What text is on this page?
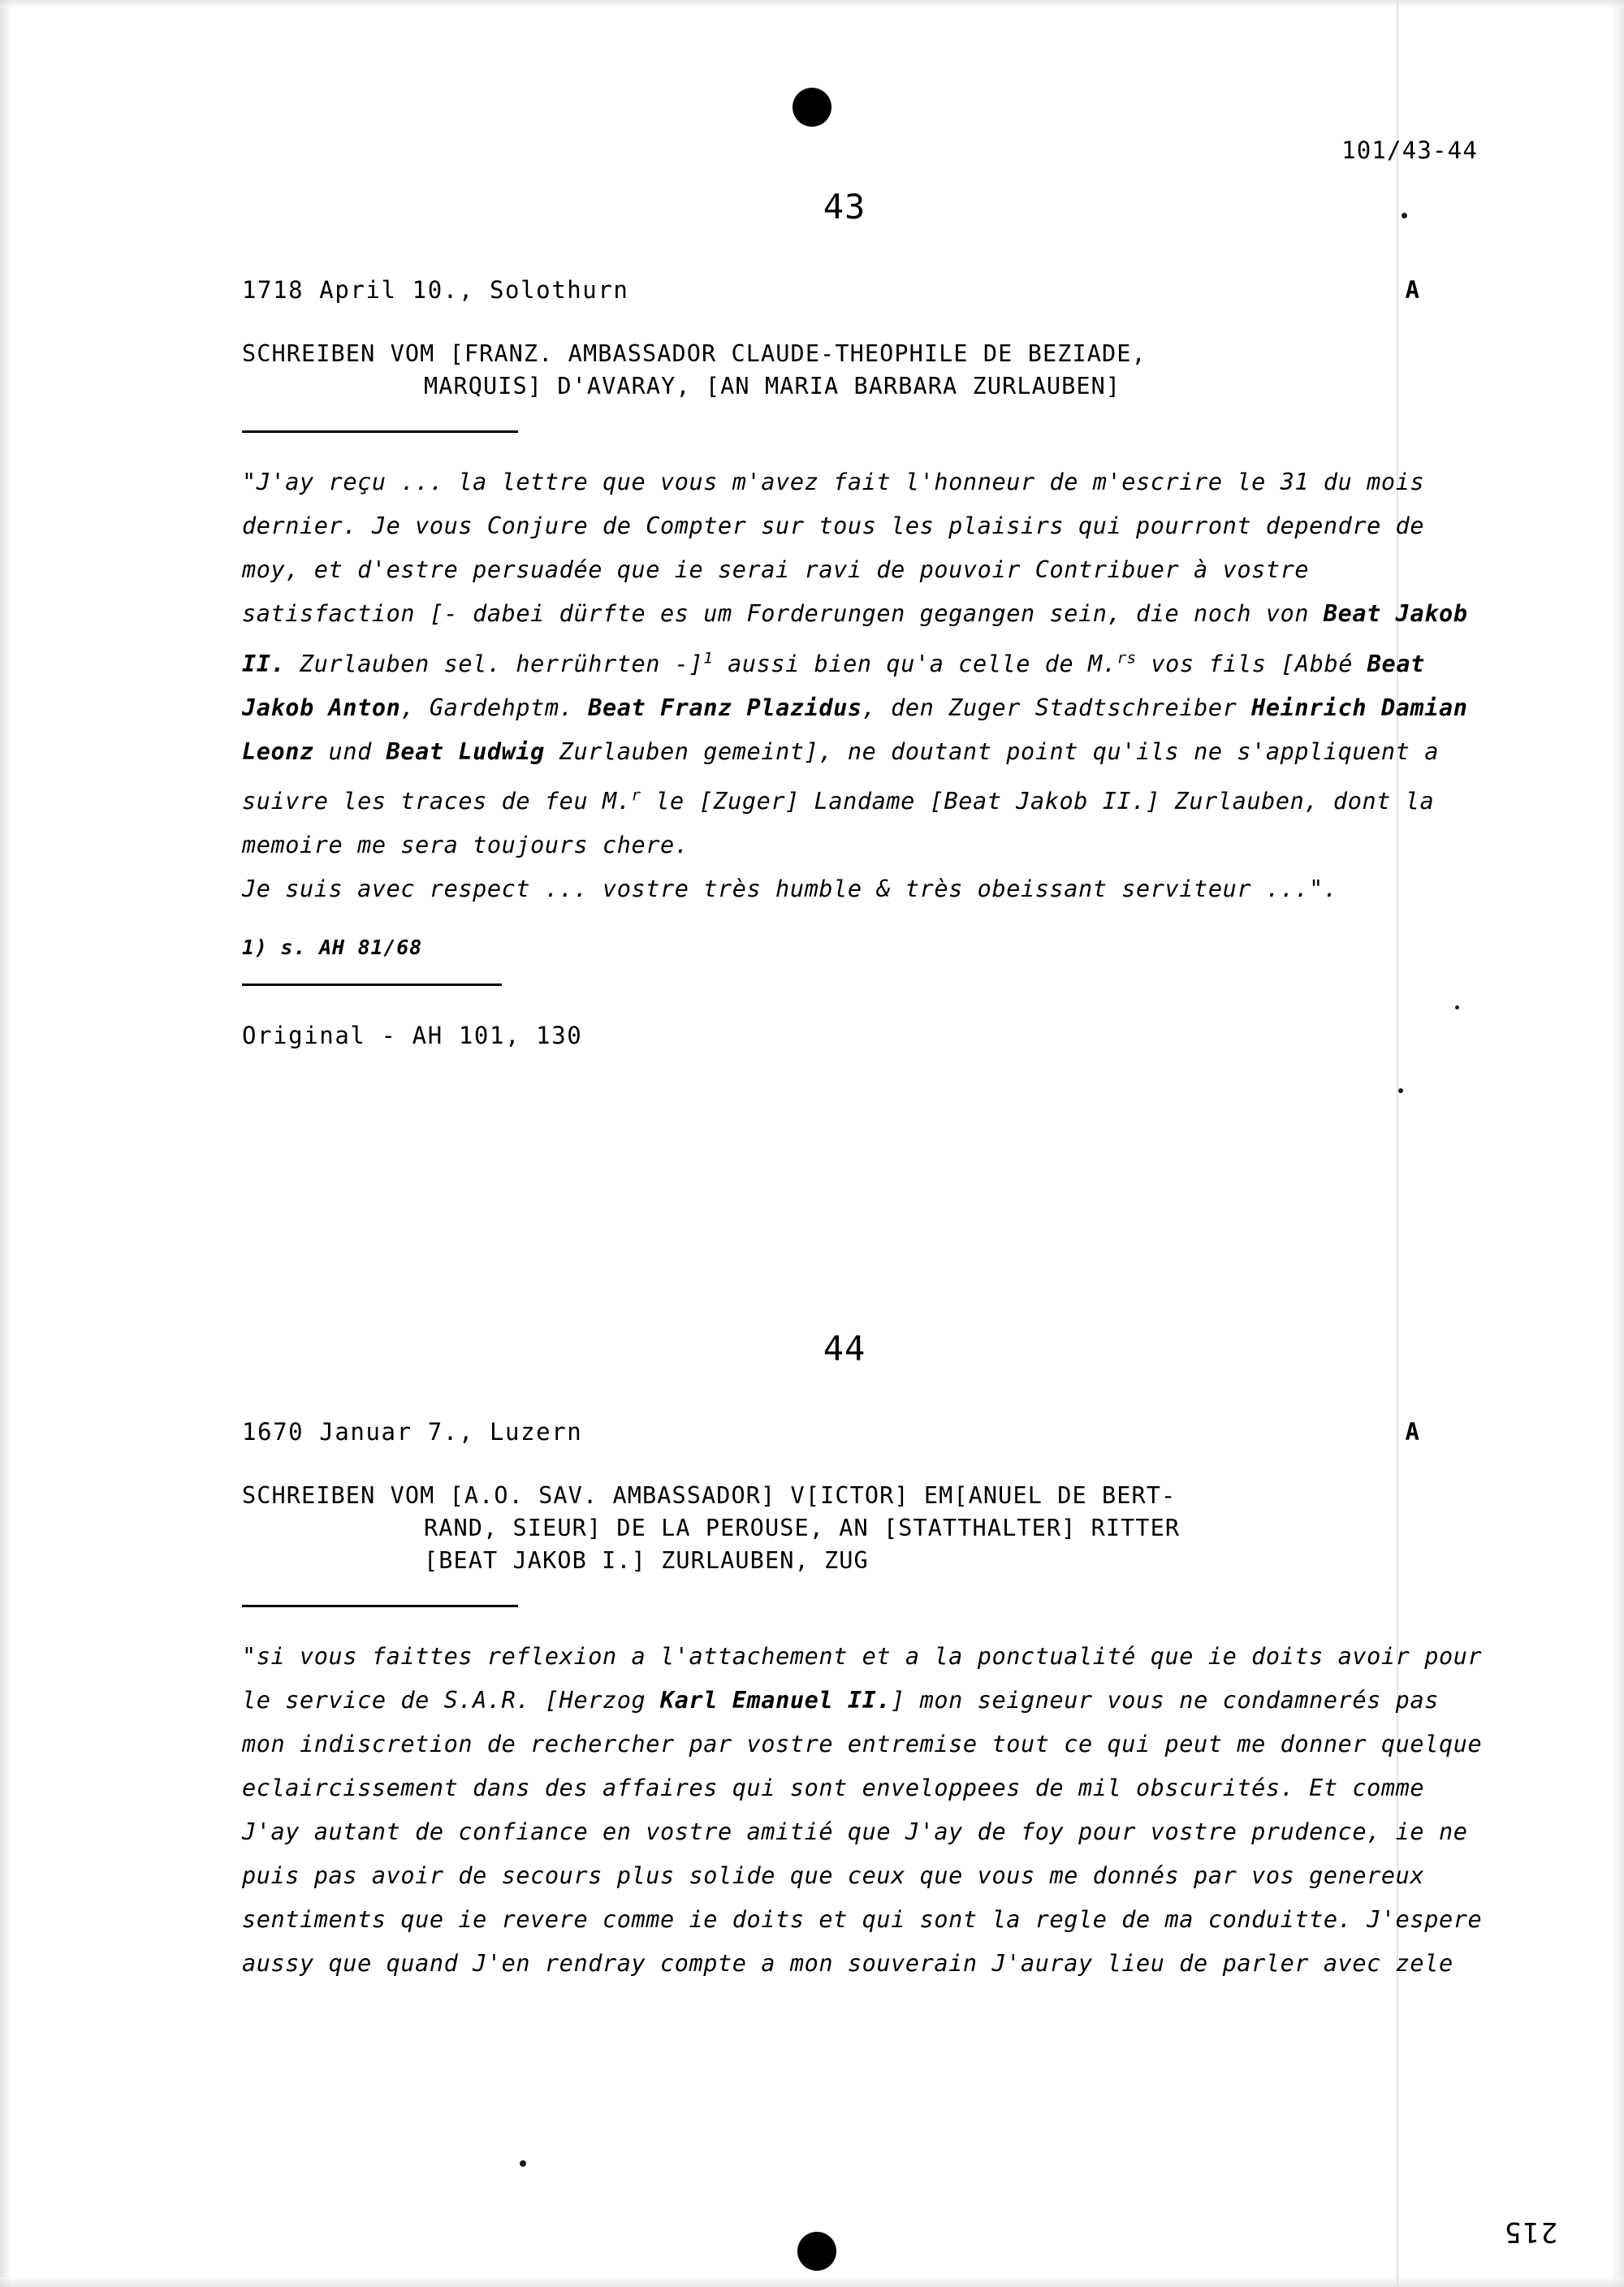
101/43-44
43
1718 April 10., Solothurn	A
SCHREIBEN VOM [FRANZ. AMBASSADOR CLAUDE-THEOPHILE DE BEZIADE,
MARQUIS] D'AVARAY, [AN MARIA BARBARA ZURLAUBEN]
"J'ay reçu ... la lettre que vous m'avez fait l'honneur de m'escrire le 31 du mois dernier. Je vous Conjure de Compter sur tous les plaisirs qui pourront dependre de moy, et d'estre persuadée que ie serai ravi de pouvoir Contribuer à vostre satisfaction [- dabei dürfte es um Forderungen gegangen sein, die noch von Beat Jakob II. Zurlauben sel. herrührten -]$^1$ aussi bien qu'a celle de M.$^{rs}$ vos fils [Abbé Beat Jakob Anton, Gardehptm. Beat Franz Plazidus, den Zuger Stadtschreiber Heinrich Damian Leonz und Beat Ludwig Zurlauben gemeint], ne doutant point qu'ils ne s'appliquent a suivre les traces de feu M.$^r$ le [Zuger] Landame [Beat Jakob II.] Zurlauben, dont la memoire me sera toujours chere.
Je suis avec respect ... vostre très humble & très obeissant serviteur ...".
1) s. AH 81/68
Original - AH 101, 130
44
1670 Januar 7., Luzern	A
SCHREIBEN VOM [A.O. SAV. AMBASSADOR] V[ICTOR] EM[ANUEL DE BERT-
RAND, SIEUR] DE LA PEROUSE, AN [STATTHALTER] RITTER
[BEAT JAKOB I.] ZURLAUBEN, ZUG
"si vous faittes reflexion a l'attachement et a la ponctualité que ie doits avoir pour le service de S.A.R. [Herzog Karl Emanuel II.] mon seigneur vous ne condamnerés pas mon indiscretion de rechercher par vostre entremise tout ce qui peut me donner quelque eclaircissement dans des affaires qui sont enveloppees de mil obscurités. Et comme J'ay autant de confiance en vostre amitié que J'ay de foy pour vostre prudence, ie ne puis pas avoir de secours plus solide que ceux que vous me donnés par vos genereux sentiments que ie revere comme ie doits et qui sont la regle de ma conduitte. J'espere aussy que quand J'en rendray compte a mon souverain J'auray lieu de parler avec zele
215
